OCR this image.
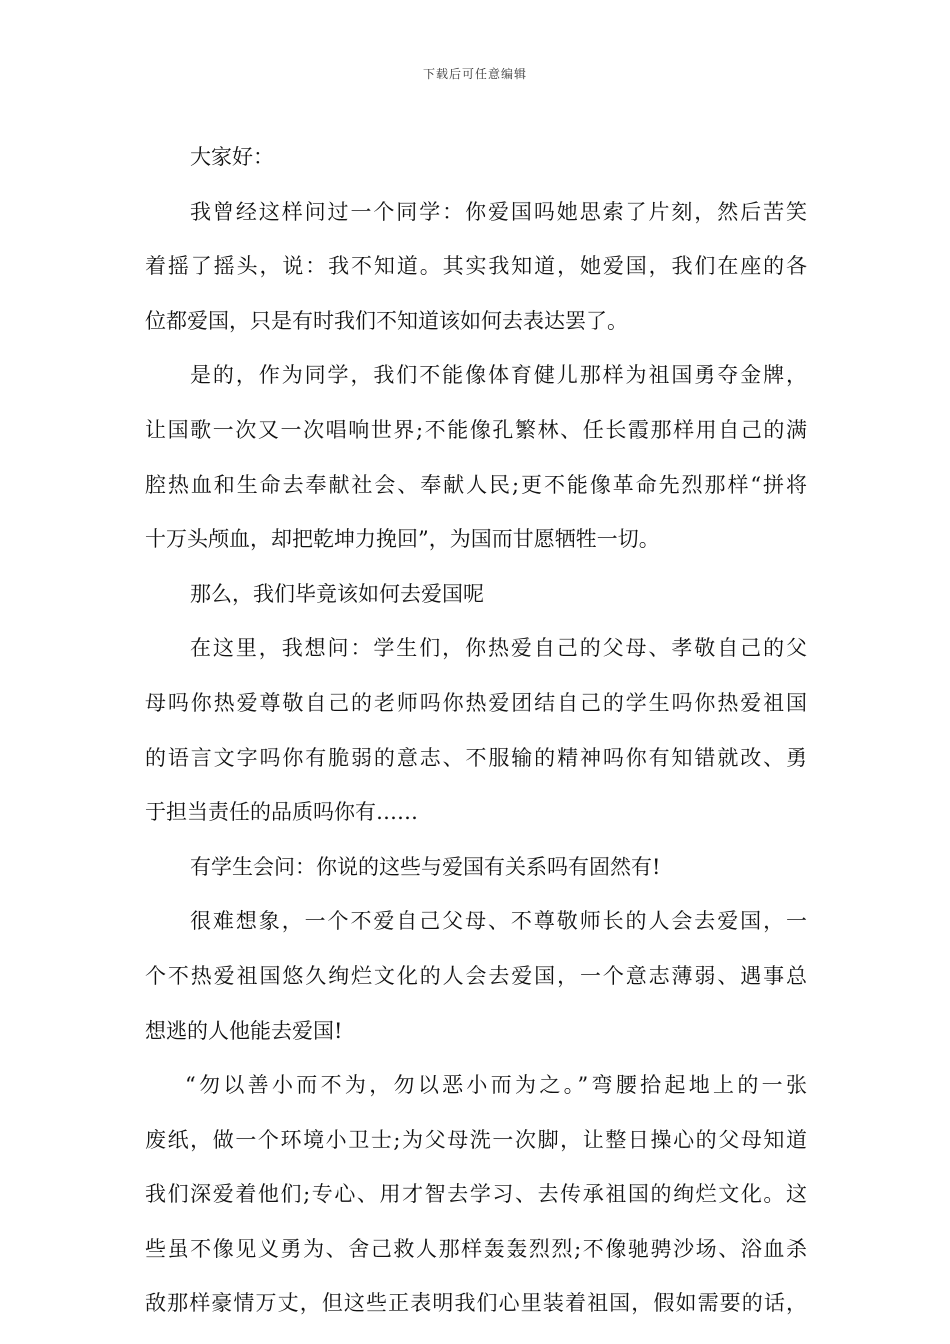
下载后可任意编辑
大家好：
我曾经这样问过一个同学：你爱国吗她思索了片刻，然后苦笑
着摇了摇头，说：我不知道。其实我知道，她爱国，我们在座的各
位都爱国，只是有时我们不知道该如何去表达罢了。
是的，作为同学，我们不能像体育健儿那样为祖国勇夺金牌，
让国歌一次又一次唱响世界;不能像孔繁林、任长霞那样用自己的满
腔热血和生命去奉献社会、奉献人民;更不能像革命先烈那样“拼将
十万头颅血，却把乾坤力挽回”，为国而甘愿牺牲一切。
那么，我们毕竟该如何去爱国呢
在这里，我想问：学生们，你热爱自己的父母、孝敬自己的父
母吗你热爱尊敬自己的老师吗你热爱团结自己的学生吗你热爱祖国
的语言文字吗你有脆弱的意志、不服输的精神吗你有知错就改、勇
于担当责任的品质吗你有……
有学生会问：你说的这些与爱国有关系吗有固然有!
很难想象，一个不爱自己父母、不尊敬师长的人会去爱国，一
个不热爱祖国悠久绚烂文化的人会去爱国，一个意志薄弱、遇事总
想逃的人他能去爱国!
“勿以善小而不为，勿以恶小而为之。”弯腰拾起地上的一张
废纸，做一个环境小卫士;为父母洗一次脚，让整日操心的父母知道
我们深爱着他们;专心、用才智去学习、去传承祖国的绚烂文化。这
些虽不像见义勇为、舍己救人那样轰轰烈烈;不像驰骋沙场、浴血杀
敌那样豪情万丈，但这些正表明我们心里装着祖国，假如需要的话，
